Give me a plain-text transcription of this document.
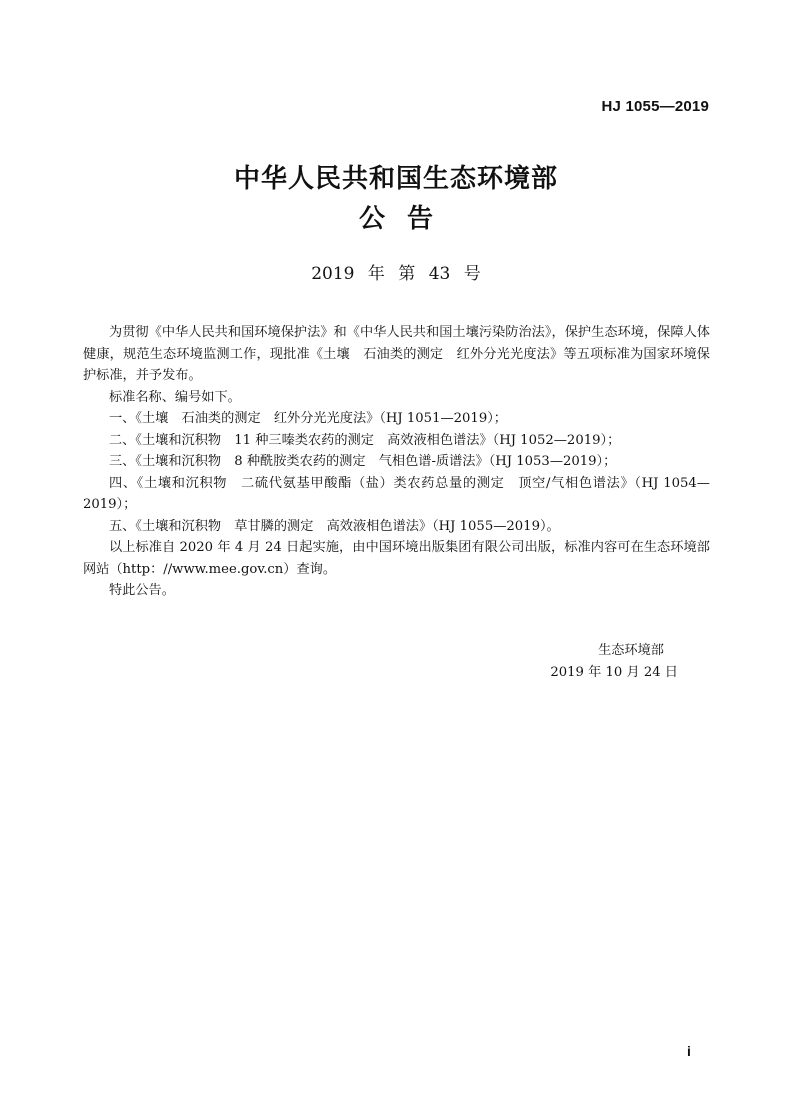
HJ 1055—2019
中华人民共和国生态环境部
公告
2019 年 第 43 号

为贯彻《中华人民共和国环境保护法》和《中华人民共和国土壤污染防治法》，保护生态环境，保障人体健康，规范生态环境监测工作，现批准《土壤　石油类的测定　红外分光光度法》等五项标准为国家环境保护标准，并予发布。

标准名称、编号如下。

一、《土壤　石油类的测定　红外分光光度法》（HJ 1051—2019）；

二、《土壤和沉积物　11 种三嗪类农药的测定　高效液相色谱法》（HJ 1052—2019）；

三、《土壤和沉积物　8 种酰胺类农药的测定　气相色谱-质谱法》（HJ 1053—2019）；

四、《土壤和沉积物　二硫代氨基甲酸酯（盐）类农药总量的测定　顶空/气相色谱法》（HJ 1054—2019）；

五、《土壤和沉积物　草甘膦的测定　高效液相色谱法》（HJ 1055—2019）。

以上标准自 2020 年 4 月 24 日起实施，由中国环境出版集团有限公司出版，标准内容可在生态环境部网站（http：//www.mee.gov.cn）查询。

特此公告。

生态环境部
2019 年 10 月 24 日
i
